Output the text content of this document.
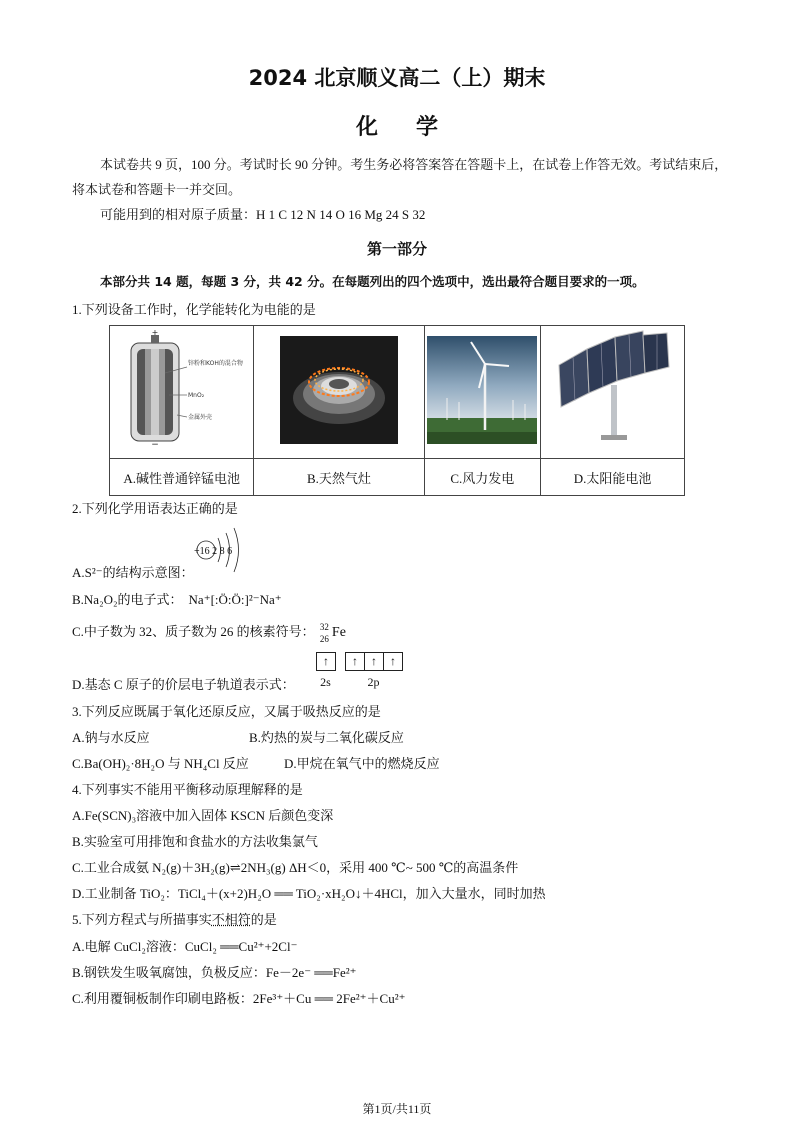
2024 北京顺义高二（上）期末
化学
本试卷共 9 页，100 分。考试时长 90 分钟。考生务必将答案答在答题卡上，在试卷上作答无效。考试结束后，将本试卷和答题卡一并交回。
可能用到的相对原子质量：H 1 C 12 N 14 O 16 Mg 24 S 32
第一部分
本部分共 14 题，每题 3 分，共 42 分。在每题列出的四个选项中，选出最符合题目要求的一项。
1.下列设备工作时，化学能转化为电能的是
+
−
锌粉和KOH的混合物
MnO₂
金属外壳

A.碱性普通锌锰电池	B.天然气灶	C.风力发电	D.太阳能电池
2.下列化学用语表达正确的是
A.S²⁻的结构示意图：
+16 2 8 6
B.Na₂O₂的电子式： Na⁺[:Ö:Ö:]²⁻Na⁺
C.中子数为 32、质子数为 26 的核素符号： 32
26 Fe
↑
2s
↑ ↑ ↑
2p
D.基态 C 原子的价层电子轨道表示式：
3.下列反应既属于氧化还原反应，又属于吸热反应的是
A.钠与水反应	B.灼热的炭与二氧化碳反应
C.Ba(OH)₂·8H₂O 与 NH₄Cl 反应	D.甲烷在氧气中的燃烧反应
4.下列事实不能用平衡移动原理解释的是
A.Fe(SCN)₃溶液中加入固体 KSCN 后颜色变深
B.实验室可用排饱和食盐水的方法收集氯气
C.工业合成氨 N₂(g)＋3H₂(g)⇌2NH₃(g) ΔH＜0，采用 400 ℃~ 500 ℃的高温条件
D.工业制备 TiO₂：TiCl₄＋(x+2)H₂O ══ TiO₂·xH₂O↓＋4HCl，加入大量水，同时加热
5.下列方程式与所描事实不相符的是
A.电解 CuCl₂溶液：CuCl₂ ══Cu²⁺+2Cl⁻
B.钢铁发生吸氧腐蚀，负极反应：Fe－2e⁻ ══Fe²⁺
C.利用覆铜板制作印刷电路板：2Fe³⁺＋Cu ══ 2Fe²⁺＋Cu²⁺
第1页/共11页
